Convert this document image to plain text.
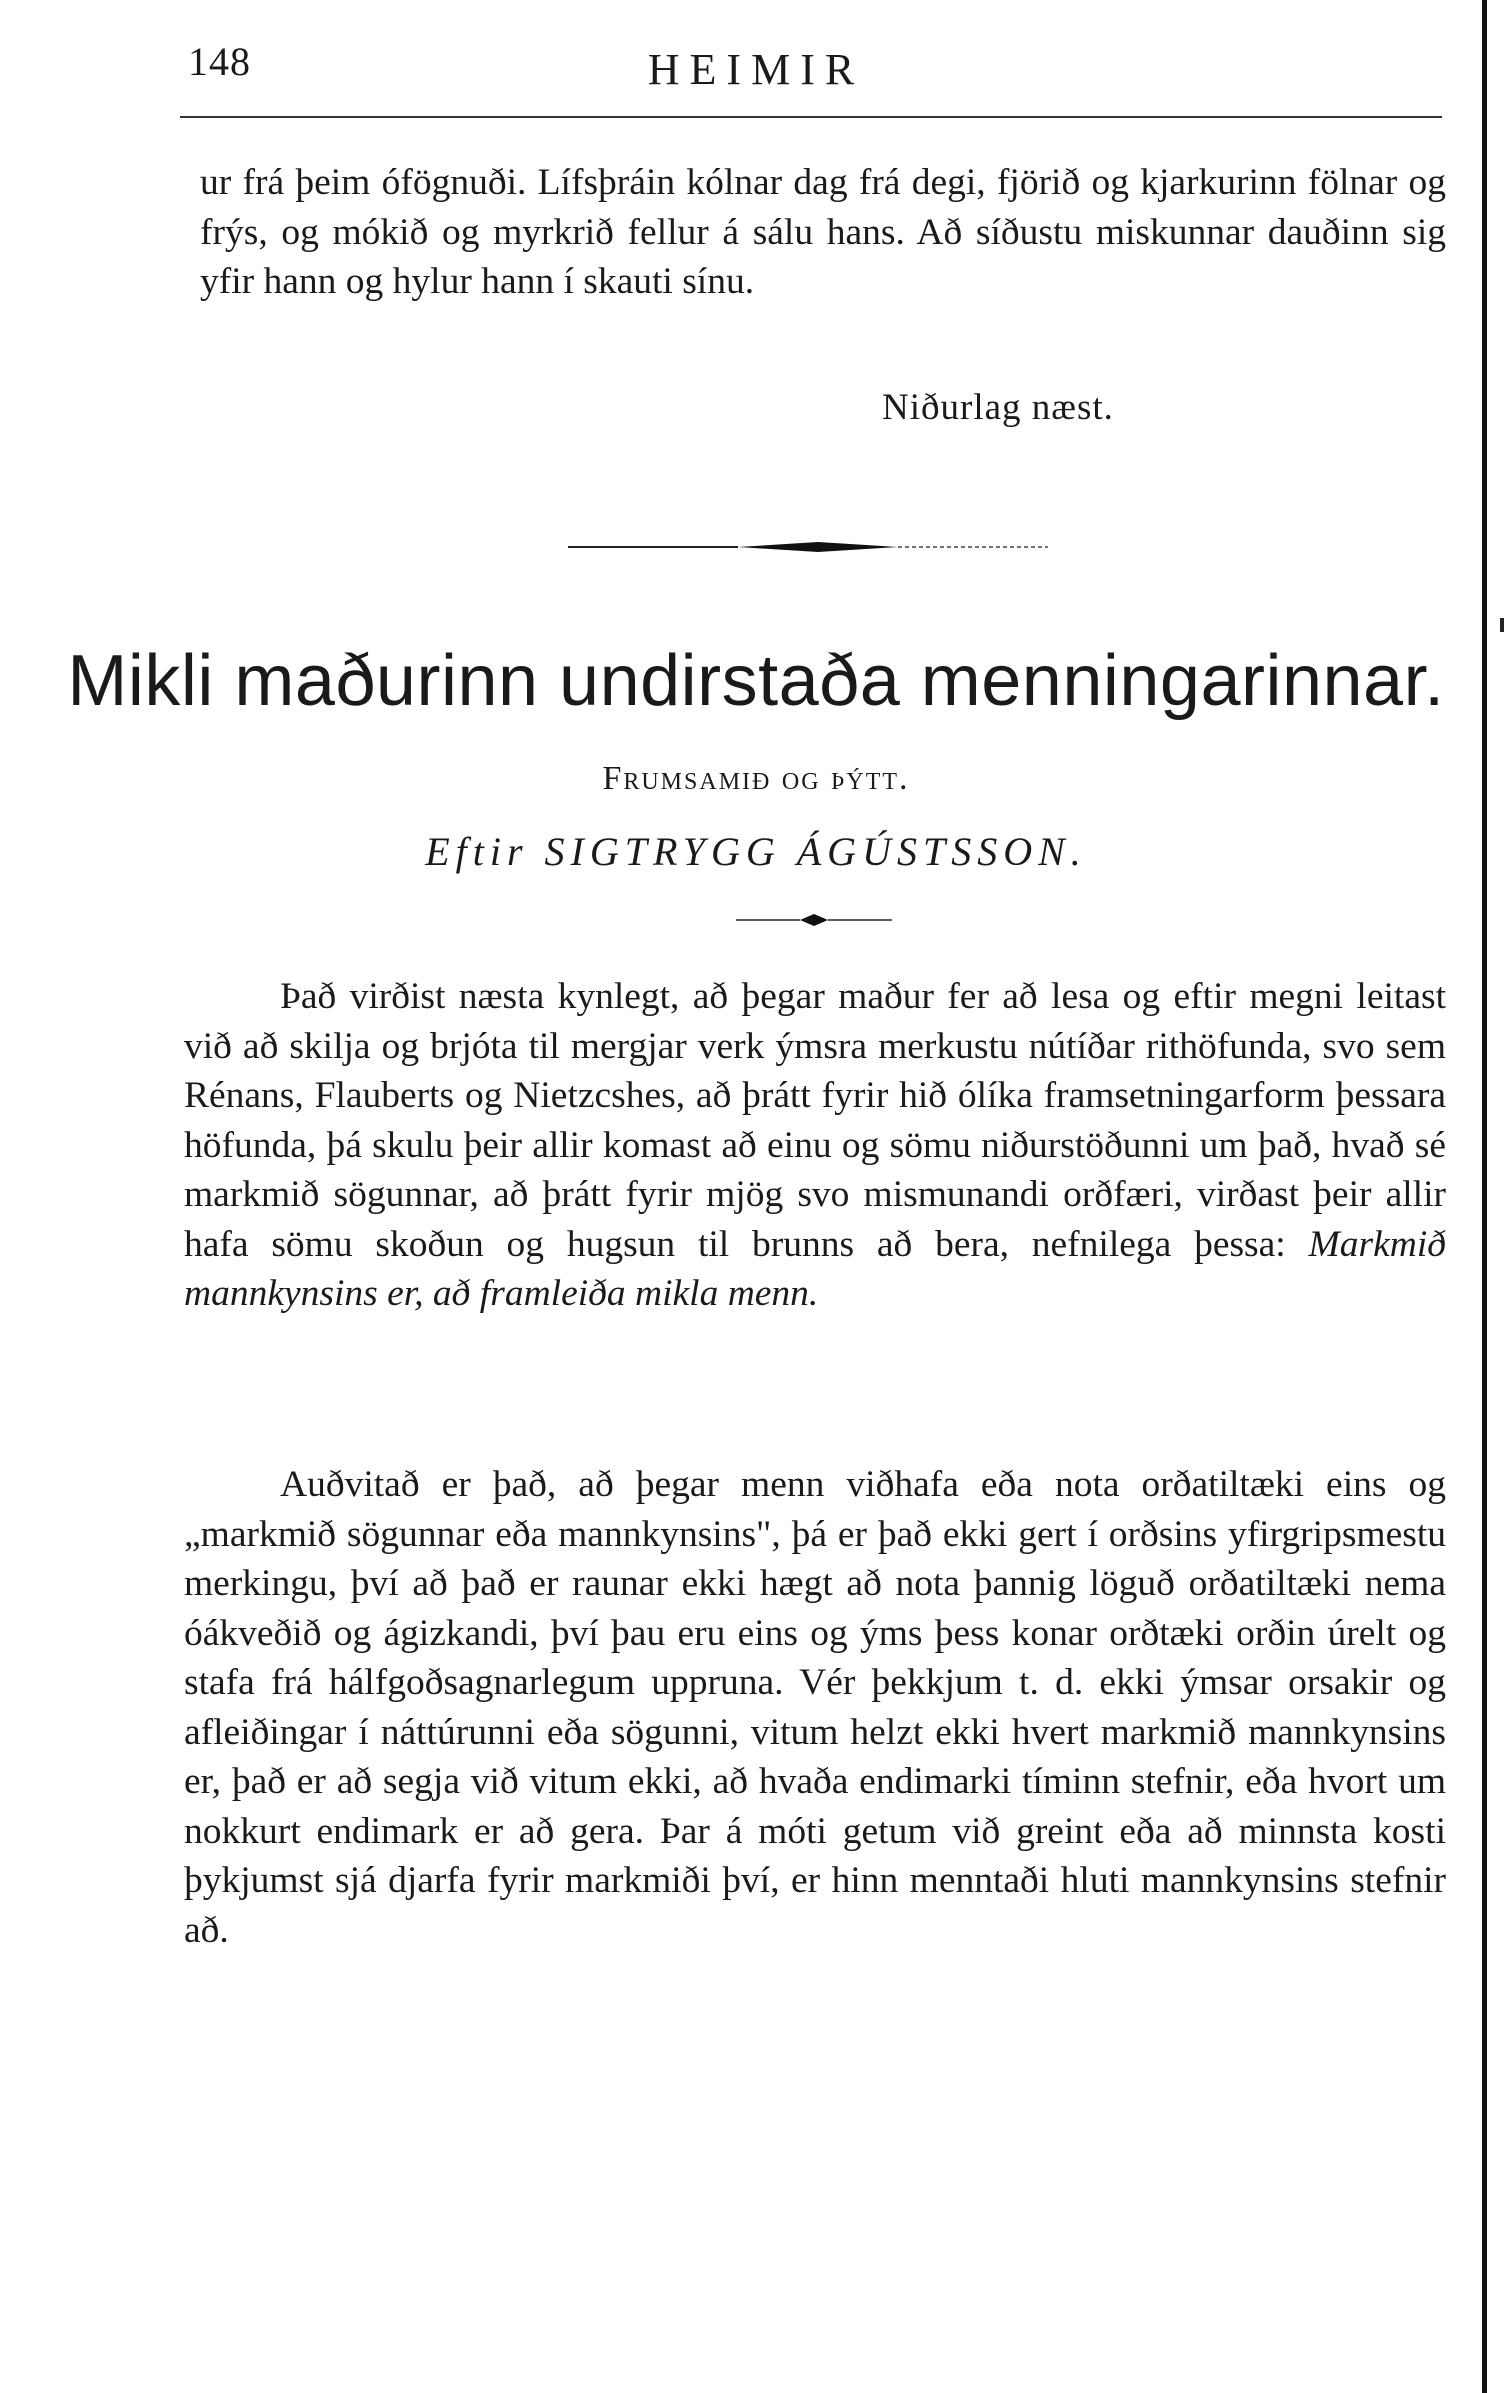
148	HEIMIR

ur frá þeim ófögnuði. Lífsþráin kólnar dag frá degi, fjörið og kjarkurinn fölnar og frýs, og mókið og myrkrið fellur á sálu hans. Að síðustu miskunnar dauðinn sig yfir hann og hylur hann í skauti sínu.

Niðurlag næst.
Mikli maðurinn undirstaða menningarinnar.
Frumsamið og þýtt.
Eftir SIGTRYGG ÁGÚSTSSON.

Það virðist næsta kynlegt, að þegar maður fer að lesa og eftir megni leitast við að skilja og brjóta til mergjar verk ýmsra merkustu nútíðar rithöfunda, svo sem Rénans, Flauberts og Nietzcshes, að þrátt fyrir hið ólíka framsetningarform þessara höfunda, þá skulu þeir allir komast að einu og sömu niðurstöðunni um það, hvað sé markmið sögunnar, að þrátt fyrir mjög svo mismunandi orðfæri, virðast þeir allir hafa sömu skoðun og hugsun til brunns að bera, nefnilega þessa: Markmið mannkynsins er, að framleiða mikla menn.

Auðvitað er það, að þegar menn viðhafa eða nota orðatiltæki eins og „markmið sögunnar eða mannkynsins", þá er það ekki gert í orðsins yfirgripsmestu merkingu, því að það er raunar ekki hægt að nota þannig löguð orðatiltæki nema óákveðið og ágizkandi, því þau eru eins og ýms þess konar orðtæki orðin úrelt og stafa frá hálfgoðsagnarlegum uppruna. Vér þekkjum t. d. ekki ýmsar orsakir og afleiðingar í náttúrunni eða sögunni, vitum helzt ekki hvert markmið mannkynsins er, það er að segja við vitum ekki, að hvaða endimarki tíminn stefnir, eða hvort um nokkurt endimark er að gera. Þar á móti getum við greint eða að minnsta kosti þykjumst sjá djarfa fyrir markmiði því, er hinn menntaði hluti mannkynsins stefnir að.
